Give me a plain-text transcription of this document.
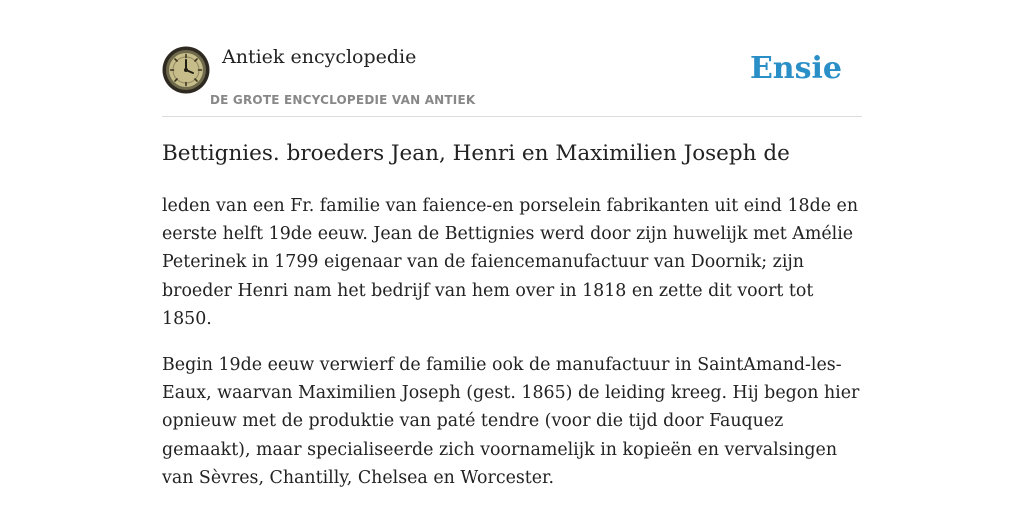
Antiek encyclopedie
DE GROTE ENCYCLOPEDIE VAN ANTIEK
Ensie
Bettignies. broeders Jean, Henri en Maximilien Joseph de

leden van een Fr. familie van faience-en porselein fabrikanten uit eind 18de en eerste helft 19de eeuw. Jean de Bettignies werd door zijn huwelijk met Amélie Peterinek in 1799 eigenaar van de faiencemanufactuur van Doornik; zijn broeder Henri nam het bedrijf van hem over in 1818 en zette dit voort tot 1850.

Begin 19de eeuw verwierf de familie ook de manufactuur in SaintAmand-les-Eaux, waarvan Maximilien Joseph (gest. 1865) de leiding kreeg. Hij begon hier opnieuw met de produktie van paté tendre (voor die tijd door Fauquez gemaakt), maar specialiseerde zich voornamelijk in kopieën en vervalsingen van Sèvres, Chantilly, Chelsea en Worcester.
